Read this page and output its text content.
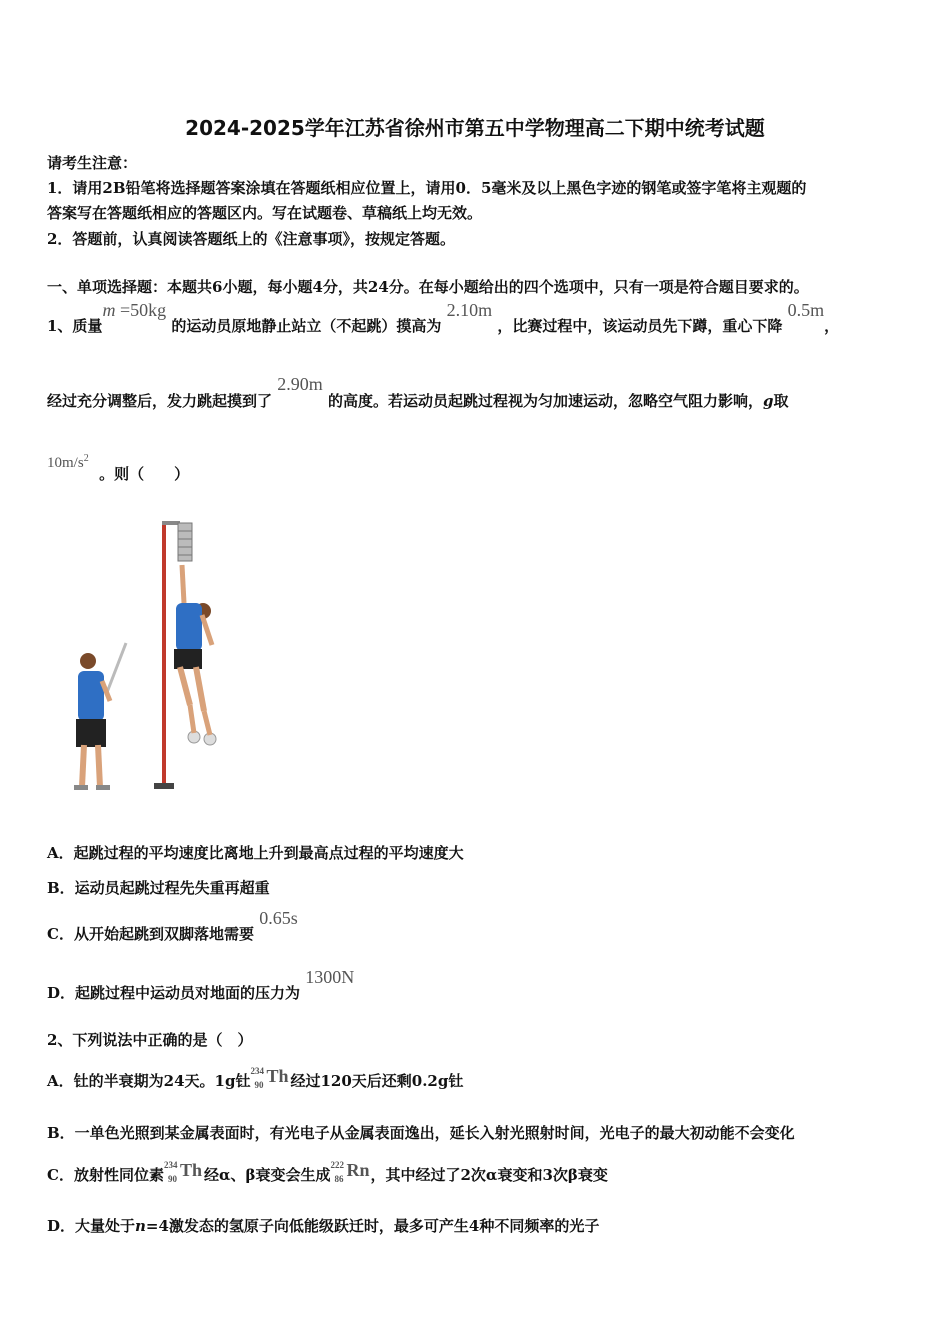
2024-2025学年江苏省徐州市第五中学物理高二下期中统考试题
请考生注意：
1．请用2B铅笔将选择题答案涂填在答题纸相应位置上，请用0．5毫米及以上黑色字迹的钢笔或签字笔将主观题的
答案写在答题纸相应的答题区内。写在试题卷、草稿纸上均无效。
2．答题前，认真阅读答题纸上的《注意事项》，按规定答题。
一、单项选择题：本题共6小题，每小题4分，共24分。在每小题给出的四个选项中，只有一项是符合题目要求的。
1、质量m =50kg 的运动员原地静止站立（不起跳）摸高为 2.10m ，比赛过程中，该运动员先下蹲，重心下降 0.5m，
经过充分调整后，发力跳起摸到了 2.90m 的高度。若运动员起跳过程视为匀加速运动，忽略空气阻力影响，g取
$10m/s^2$  。则（　　）
A．起跳过程的平均速度比离地上升到最高点过程的平均速度大
B．运动员起跳过程先失重再超重
C．从开始起跳到双脚落地需要 0.65s
D．起跳过程中运动员对地面的压力为 1300N
2、下列说法中正确的是（　）
A．钍的半衰期为24天。1g钍
234
90 Th 经过120天后还剩0.2g钍
B．一单色光照到某金属表面时，有光电子从金属表面逸出，延长入射光照射时间，光电子的最大初动能不会变化
C．放射性同位素
234
90 Th 经α、β衰变会生成
222
86 Rn ，其中经过了2次α衰变和3次β衰变
D．大量处于n=4激发态的氢原子向低能级跃迁时，最多可产生4种不同频率的光子
